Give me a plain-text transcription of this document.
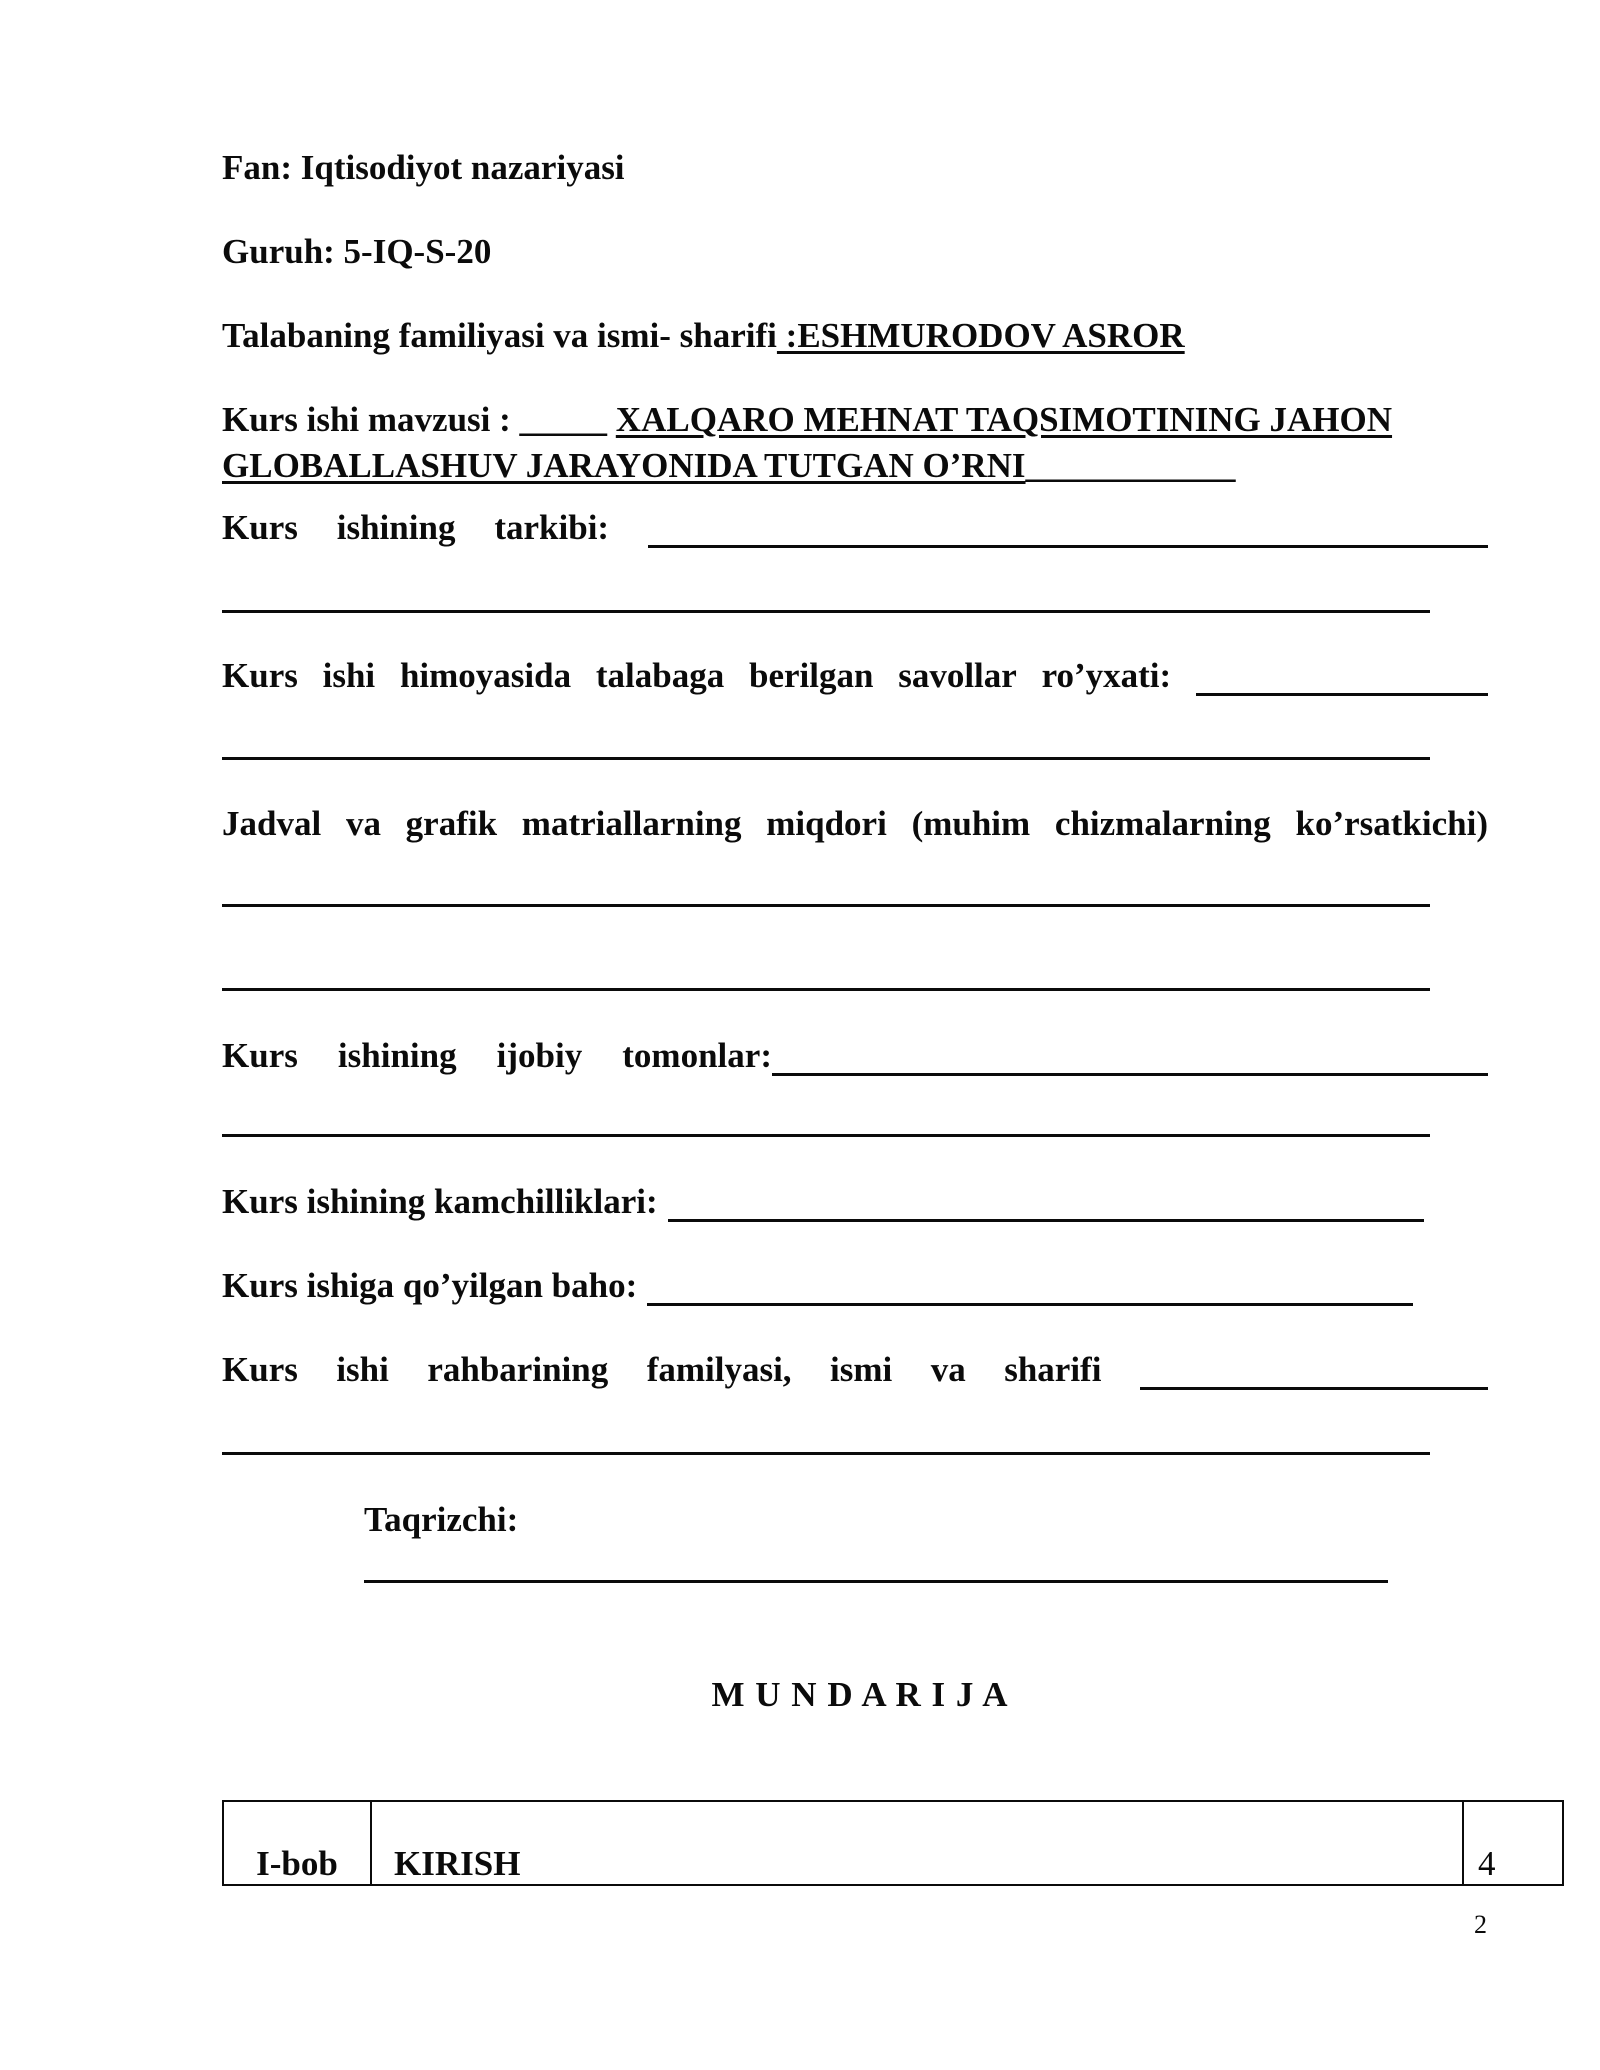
Fan: Iqtisodiyot nazariyasi
Guruh: 5-IQ-S-20
Talabaning familiyasi va ismi- sharifi :ESHMURODOV ASROR
Kurs ishi mavzusi : _____ XALQARO MEHNAT TAQSIMOTINING JAHON
GLOBALLASHUV JARAYONIDA TUTGAN O’RNI____________
Kurs ishining tarkibi:
Kurs ishi himoyasida talabaga berilgan savollar ro’yxati:
Jadval va grafik matriallarning miqdori (muhim chizmalarning ko’rsatkichi)
Kurs ishining ijobiy tomonlar:
Kurs ishining kamchilliklari:
Kurs ishiga qo’yilgan baho:
Kurs ishi rahbarining familyasi, ismi va sharifi
Taqrizchi:
M U N D A R I J A
I-bob	KIRISH	4
2
